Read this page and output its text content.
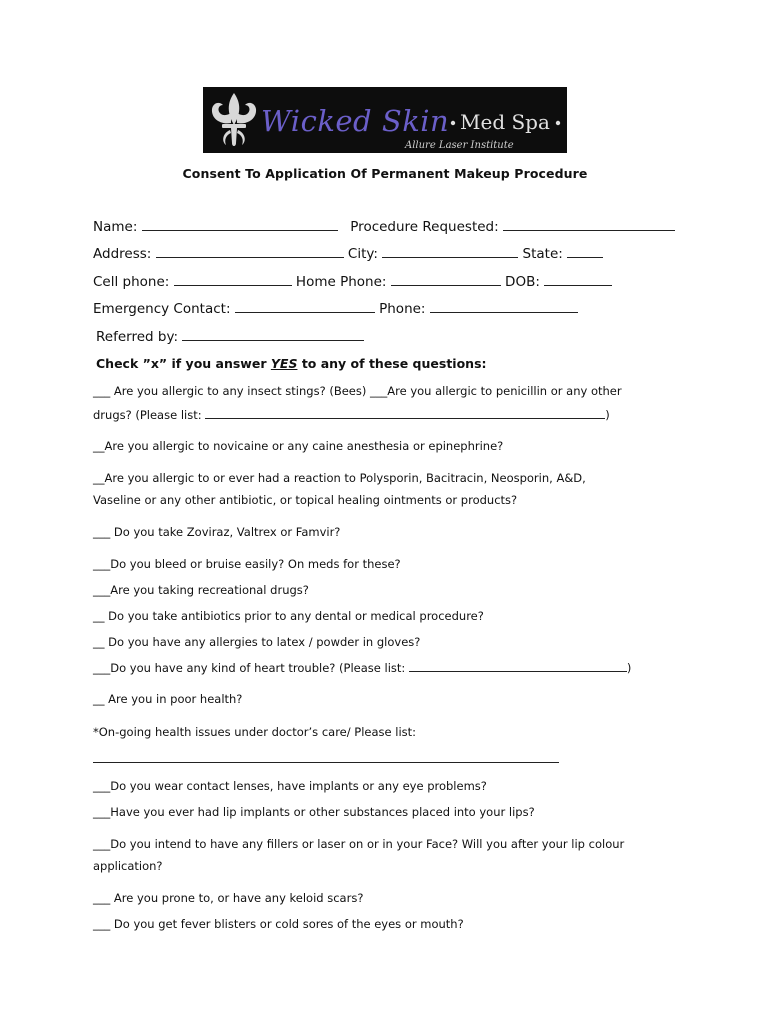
Wicked Skin Med Spa
Allure Laser Institute
Consent To Application Of Permanent Makeup Procedure
Name:	Procedure Requested:
Address:	City:	State:
Cell phone:	Home Phone:	DOB:
Emergency Contact:	Phone:
Referred by:
Check ”x” if you answer YES to any of these questions:
___ Are you allergic to any insect stings? (Bees) ___Are you allergic to penicillin or any other
drugs? (Please list:	)
__Are you allergic to novicaine or any caine anesthesia or epinephrine?
__Are you allergic to or ever had a reaction to Polysporin, Bacitracin, Neosporin, A&D,
Vaseline or any other antibiotic, or topical healing ointments or products?
___ Do you take Zoviraz, Valtrex or Famvir?
___Do you bleed or bruise easily? On meds for these?
___Are you taking recreational drugs?
__ Do you take antibiotics prior to any dental or medical procedure?
__ Do you have any allergies to latex / powder in gloves?
___Do you have any kind of heart trouble? (Please list:	)
__ Are you in poor health?
*On-going health issues under doctor’s care/ Please list:
___Do you wear contact lenses, have implants or any eye problems?
___Have you ever had lip implants or other substances placed into your lips?
___Do you intend to have any fillers or laser on or in your Face? Will you after your lip colour
application?
___ Are you prone to, or have any keloid scars?
___ Do you get fever blisters or cold sores of the eyes or mouth?
